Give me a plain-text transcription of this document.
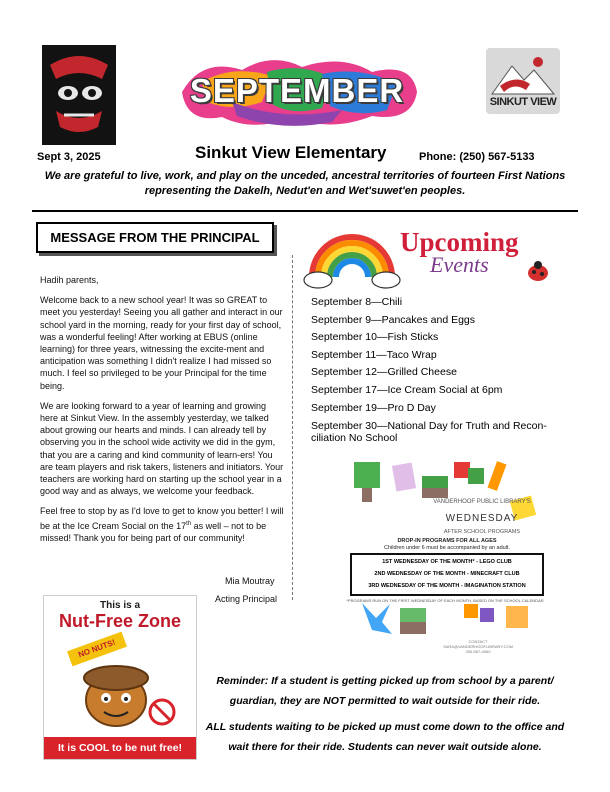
SEPTEMBER	SINKUT VIEW
Sept 3, 2025	Sinkut View Elementary	Phone: (250) 567-5133
We are grateful to live, work, and play on the unceded, ancestral territories of fourteen First Nations representing the Dakelh, Nedut'en and Wet'suwet'en peoples.
MESSAGE FROM THE PRINCIPAL

Hadih parents,

Welcome back to a new school year! It was so GREAT to meet you yesterday! Seeing you all gather and interact in our school yard in the morning, ready for your first day of school, was a wonderful feeling! After working at EBUS (online learning) for three years, witnessing the excite-ment and anticipation was something I didn't realize I had missed so much. I feel so privileged to be your Principal for the time being.

We are looking forward to a year of learning and growing here at Sinkut View. In the assembly yesterday, we talked about growing our hearts and minds. I can already tell by observing you in the school wide activity we did in the gym, that you are a caring and kind community of learn-ers! You are team players and risk takers, listeners and initiators. Your teachers are working hard on starting up the school year in a good way and as always, we welcome your feedback.

Feel free to stop by as I'd love to get to know you better! I will be at the Ice Cream Social on the 17th as well – not to be missed! Thank you for being part of our community!

Mia Moutray
Acting Principal
Upcoming
Events
September 8—Chili
September 9—Pancakes and Eggs
September 10—Fish Sticks
September 11—Taco Wrap
September 12—Grilled Cheese
September 17—Ice Cream Social at 6pm
September 19—Pro D Day
September 30—National Day for Truth and Recon-ciliation No School
VANDERHOOF PUBLIC LIBRARY'S
WEDNESDAY
AFTER SCHOOL PROGRAMS
DROP-IN PROGRAMS FOR ALL AGES
Children under 6 must be accompanied by an adult.
1ST WEDNESDAY OF THE MONTH* - LEGO CLUB
2ND WEDNESDAY OF THE MONTH - MINECRAFT CLUB
3RD WEDNESDAY OF THE MONTH - IMAGINATION STATION
*PROGRAMS RUN ON THE FIRST WEDNESDAY OF EACH MONTH, BASED ON THE SCHOOL CALENDAR
CONTACT
SARA@VANDERHOOFLIBRARY.COM
250-567-4060
This is a
Nut-Free Zone
NO NUTS!
It is COOL to be nut free!

Reminder: If a student is getting picked up from school by a parent/ guardian, they are NOT permitted to wait outside for their ride.

ALL students waiting to be picked up must come down to the office and wait there for their ride. Students can never wait outside alone.
